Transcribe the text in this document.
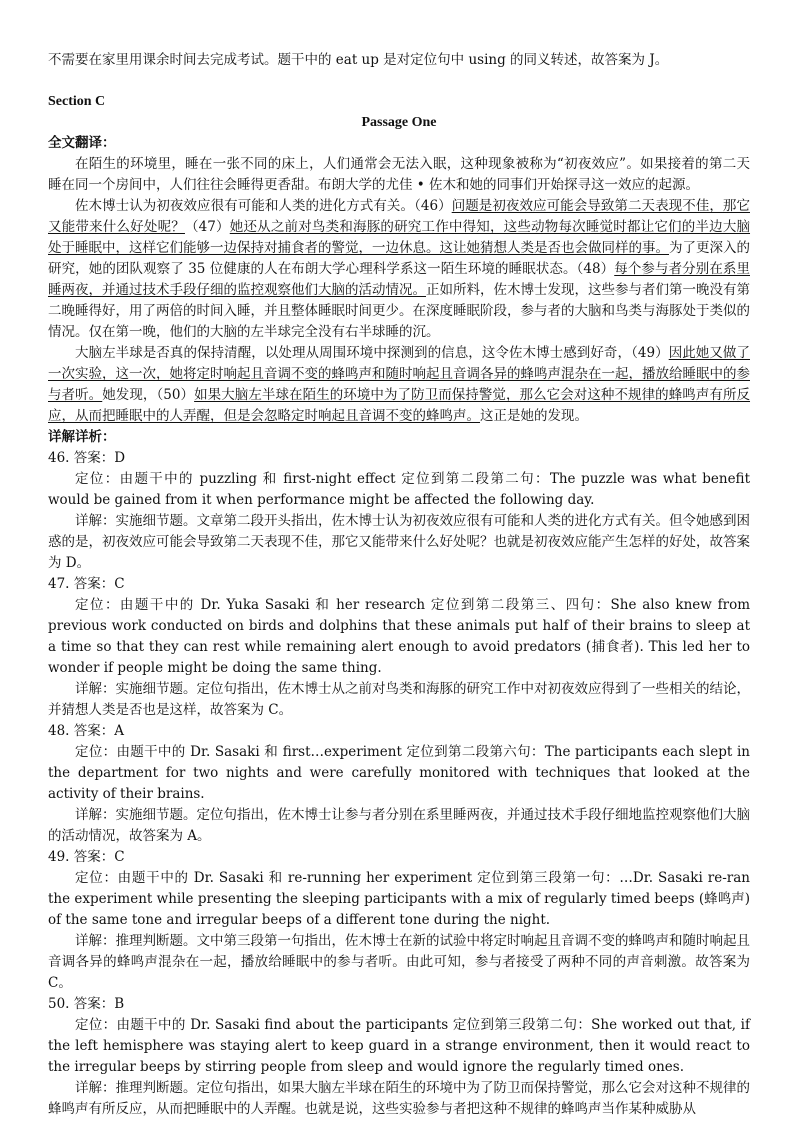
不需要在家里用课余时间去完成考试。题干中的 eat up 是对定位句中 using 的同义转述，故答案为 J。

Section C
Passage One
全文翻译：

在陌生的环境里，睡在一张不同的床上，人们通常会无法入眠，这种现象被称为“初夜效应”。如果接着的第二天睡在同一个房间中，人们往往会睡得更香甜。布朗大学的尤佳 • 佐木和她的同事们开始探寻这一效应的起源。

佐木博士认为初夜效应很有可能和人类的进化方式有关。（46）问题是初夜效应可能会导致第二天表现不佳，那它又能带来什么好处呢？（47）她还从之前对鸟类和海豚的研究工作中得知，这些动物每次睡觉时都让它们的半边大脑处于睡眠中，这样它们能够一边保持对捕食者的警觉，一边休息。这让她猜想人类是否也会做同样的事。为了更深入的研究，她的团队观察了 35 位健康的人在布朗大学心理科学系这一陌生环境的睡眠状态。（48）每个参与者分别在系里睡两夜，并通过技术手段仔细的监控观察他们大脑的活动情况。正如所料，佐木博士发现，这些参与者们第一晚没有第二晚睡得好，用了两倍的时间入睡，并且整体睡眠时间更少。在深度睡眠阶段，参与者的大脑和鸟类与海豚处于类似的情况。仅在第一晚，他们的大脑的左半球完全没有右半球睡的沉。

大脑左半球是否真的保持清醒，以处理从周围环境中探测到的信息，这令佐木博士感到好奇，（49）因此她又做了一次实验，这一次，她将定时响起且音调不变的蜂鸣声和随时响起且音调各异的蜂鸣声混杂在一起，播放给睡眠中的参与者听。她发现，（50）如果大脑左半球在陌生的环境中为了防卫而保持警觉，那么它会对这种不规律的蜂鸣声有所反应，从而把睡眠中的人弄醒，但是会忽略定时响起且音调不变的蜂鸣声。这正是她的发现。

详解详析：

46. 答案：D

定位：由题干中的 puzzling 和 first-night effect 定位到第二段第二句：The puzzle was what benefit would be gained from it when performance might be affected the following day.

详解：实施细节题。文章第二段开头指出，佐木博士认为初夜效应很有可能和人类的进化方式有关。但令她感到困惑的是，初夜效应可能会导致第二天表现不佳，那它又能带来什么好处呢？也就是初夜效应能产生怎样的好处，故答案为 D。

47. 答案：C

定位：由题干中的 Dr. Yuka Sasaki 和 her research 定位到第二段第三、四句：She also knew from previous work conducted on birds and dolphins that these animals put half of their brains to sleep at a time so that they can rest while remaining alert enough to avoid predators (捕食者). This led her to wonder if people might be doing the same thing.

详解：实施细节题。定位句指出，佐木博士从之前对鸟类和海豚的研究工作中对初夜效应得到了一些相关的结论，并猜想人类是否也是这样，故答案为 C。

48. 答案：A

定位：由题干中的 Dr. Sasaki 和 first…experiment 定位到第二段第六句：The participants each slept in the department for two nights and were carefully monitored with techniques that looked at the activity of their brains.

详解：实施细节题。定位句指出，佐木博士让参与者分别在系里睡两夜，并通过技术手段仔细地监控观察他们大脑的活动情况，故答案为 A。

49. 答案：C

定位：由题干中的 Dr. Sasaki 和 re-running her experiment 定位到第三段第一句：…Dr. Sasaki re-ran the experiment while presenting the sleeping participants with a mix of regularly timed beeps (蜂鸣声) of the same tone and irregular beeps of a different tone during the night.

详解：推理判断题。文中第三段第一句指出，佐木博士在新的试验中将定时响起且音调不变的蜂鸣声和随时响起且音调各异的蜂鸣声混杂在一起，播放给睡眠中的参与者听。由此可知，参与者接受了两种不同的声音刺激。故答案为 C。

50. 答案：B

定位：由题干中的 Dr. Sasaki find about the participants 定位到第三段第二句：She worked out that, if the left hemisphere was staying alert to keep guard in a strange environment, then it would react to the irregular beeps by stirring people from sleep and would ignore the regularly timed ones.

详解：推理判断题。定位句指出，如果大脑左半球在陌生的环境中为了防卫而保持警觉，那么它会对这种不规律的蜂鸣声有所反应，从而把睡眠中的人弄醒。也就是说，这些实验参与者把这种不规律的蜂鸣声当作某种威胁从
